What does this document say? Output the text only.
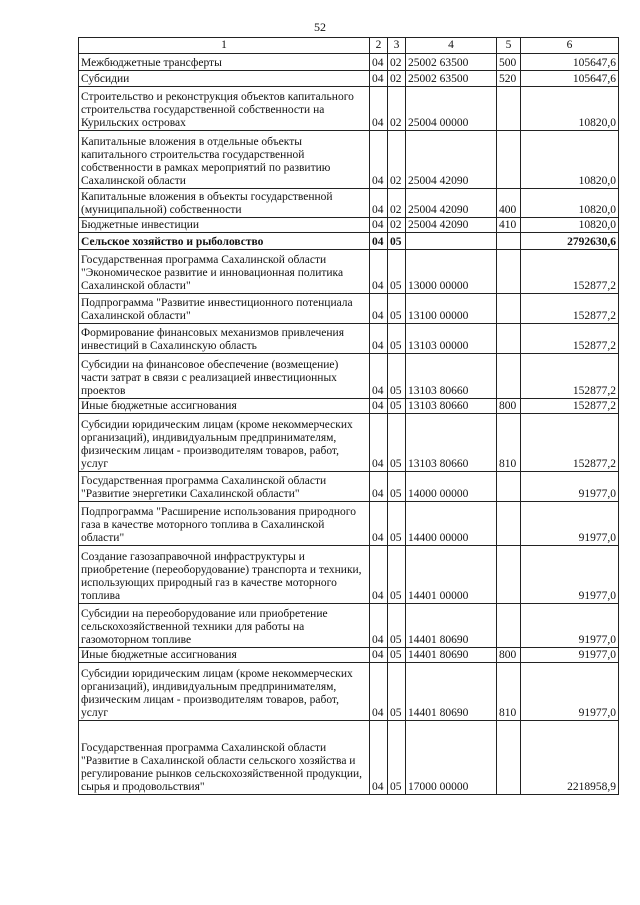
52
1	2	3	4	5	6
Межбюджетные трансферты	04	02	25002 63500	500	105647,6
Субсидии	04	02	25002 63500	520	105647,6
Строительство и реконструкция объектов капитального строительства государственной собственности на Курильских островах	04	02	25004 00000		10820,0
Капитальные вложения в отдельные объекты капитального строительства государственной собственности в рамках мероприятий по развитию Сахалинской области	04	02	25004 42090		10820,0
Капитальные вложения в объекты государственной (муниципальной) собственности	04	02	25004 42090	400	10820,0
Бюджетные инвестиции	04	02	25004 42090	410	10820,0
Сельское хозяйство и рыболовство	04	05			2792630,6
Государственная программа Сахалинской области "Экономическое развитие и инновационная политика Сахалинской области"	04	05	13000 00000		152877,2
Подпрограмма "Развитие инвестиционного потенциала Сахалинской области"	04	05	13100 00000		152877,2
Формирование финансовых механизмов привлечения инвестиций в Сахалинскую область	04	05	13103 00000		152877,2
Субсидии на финансовое обеспечение (возмещение) части затрат в связи с реализацией инвестиционных проектов	04	05	13103 80660		152877,2
Иные бюджетные ассигнования	04	05	13103 80660	800	152877,2
Субсидии юридическим лицам (кроме некоммерческих организаций), индивидуальным предпринимателям, физическим лицам - производителям товаров, работ, услуг	04	05	13103 80660	810	152877,2
Государственная программа Сахалинской области "Развитие энергетики Сахалинской области"	04	05	14000 00000		91977,0
Подпрограмма "Расширение использования природного газа в качестве моторного топлива в Сахалинской области"	04	05	14400 00000		91977,0
Создание газозаправочной инфраструктуры и приобретение (переоборудование) транспорта и техники, использующих природный газ в качестве моторного топлива	04	05	14401 00000		91977,0
Субсидии на переоборудование или приобретение сельскохозяйственной техники для работы на газомоторном топливе	04	05	14401 80690		91977,0
Иные бюджетные ассигнования	04	05	14401 80690	800	91977,0
Субсидии юридическим лицам (кроме некоммерческих организаций), индивидуальным предпринимателям, физическим лицам - производителям товаров, работ, услуг	04	05	14401 80690	810	91977,0
Государственная программа Сахалинской области "Развитие в Сахалинской области сельского хозяйства и регулирование рынков сельскохозяйственной продукции, сырья и продовольствия"	04	05	17000 00000		2218958,9
